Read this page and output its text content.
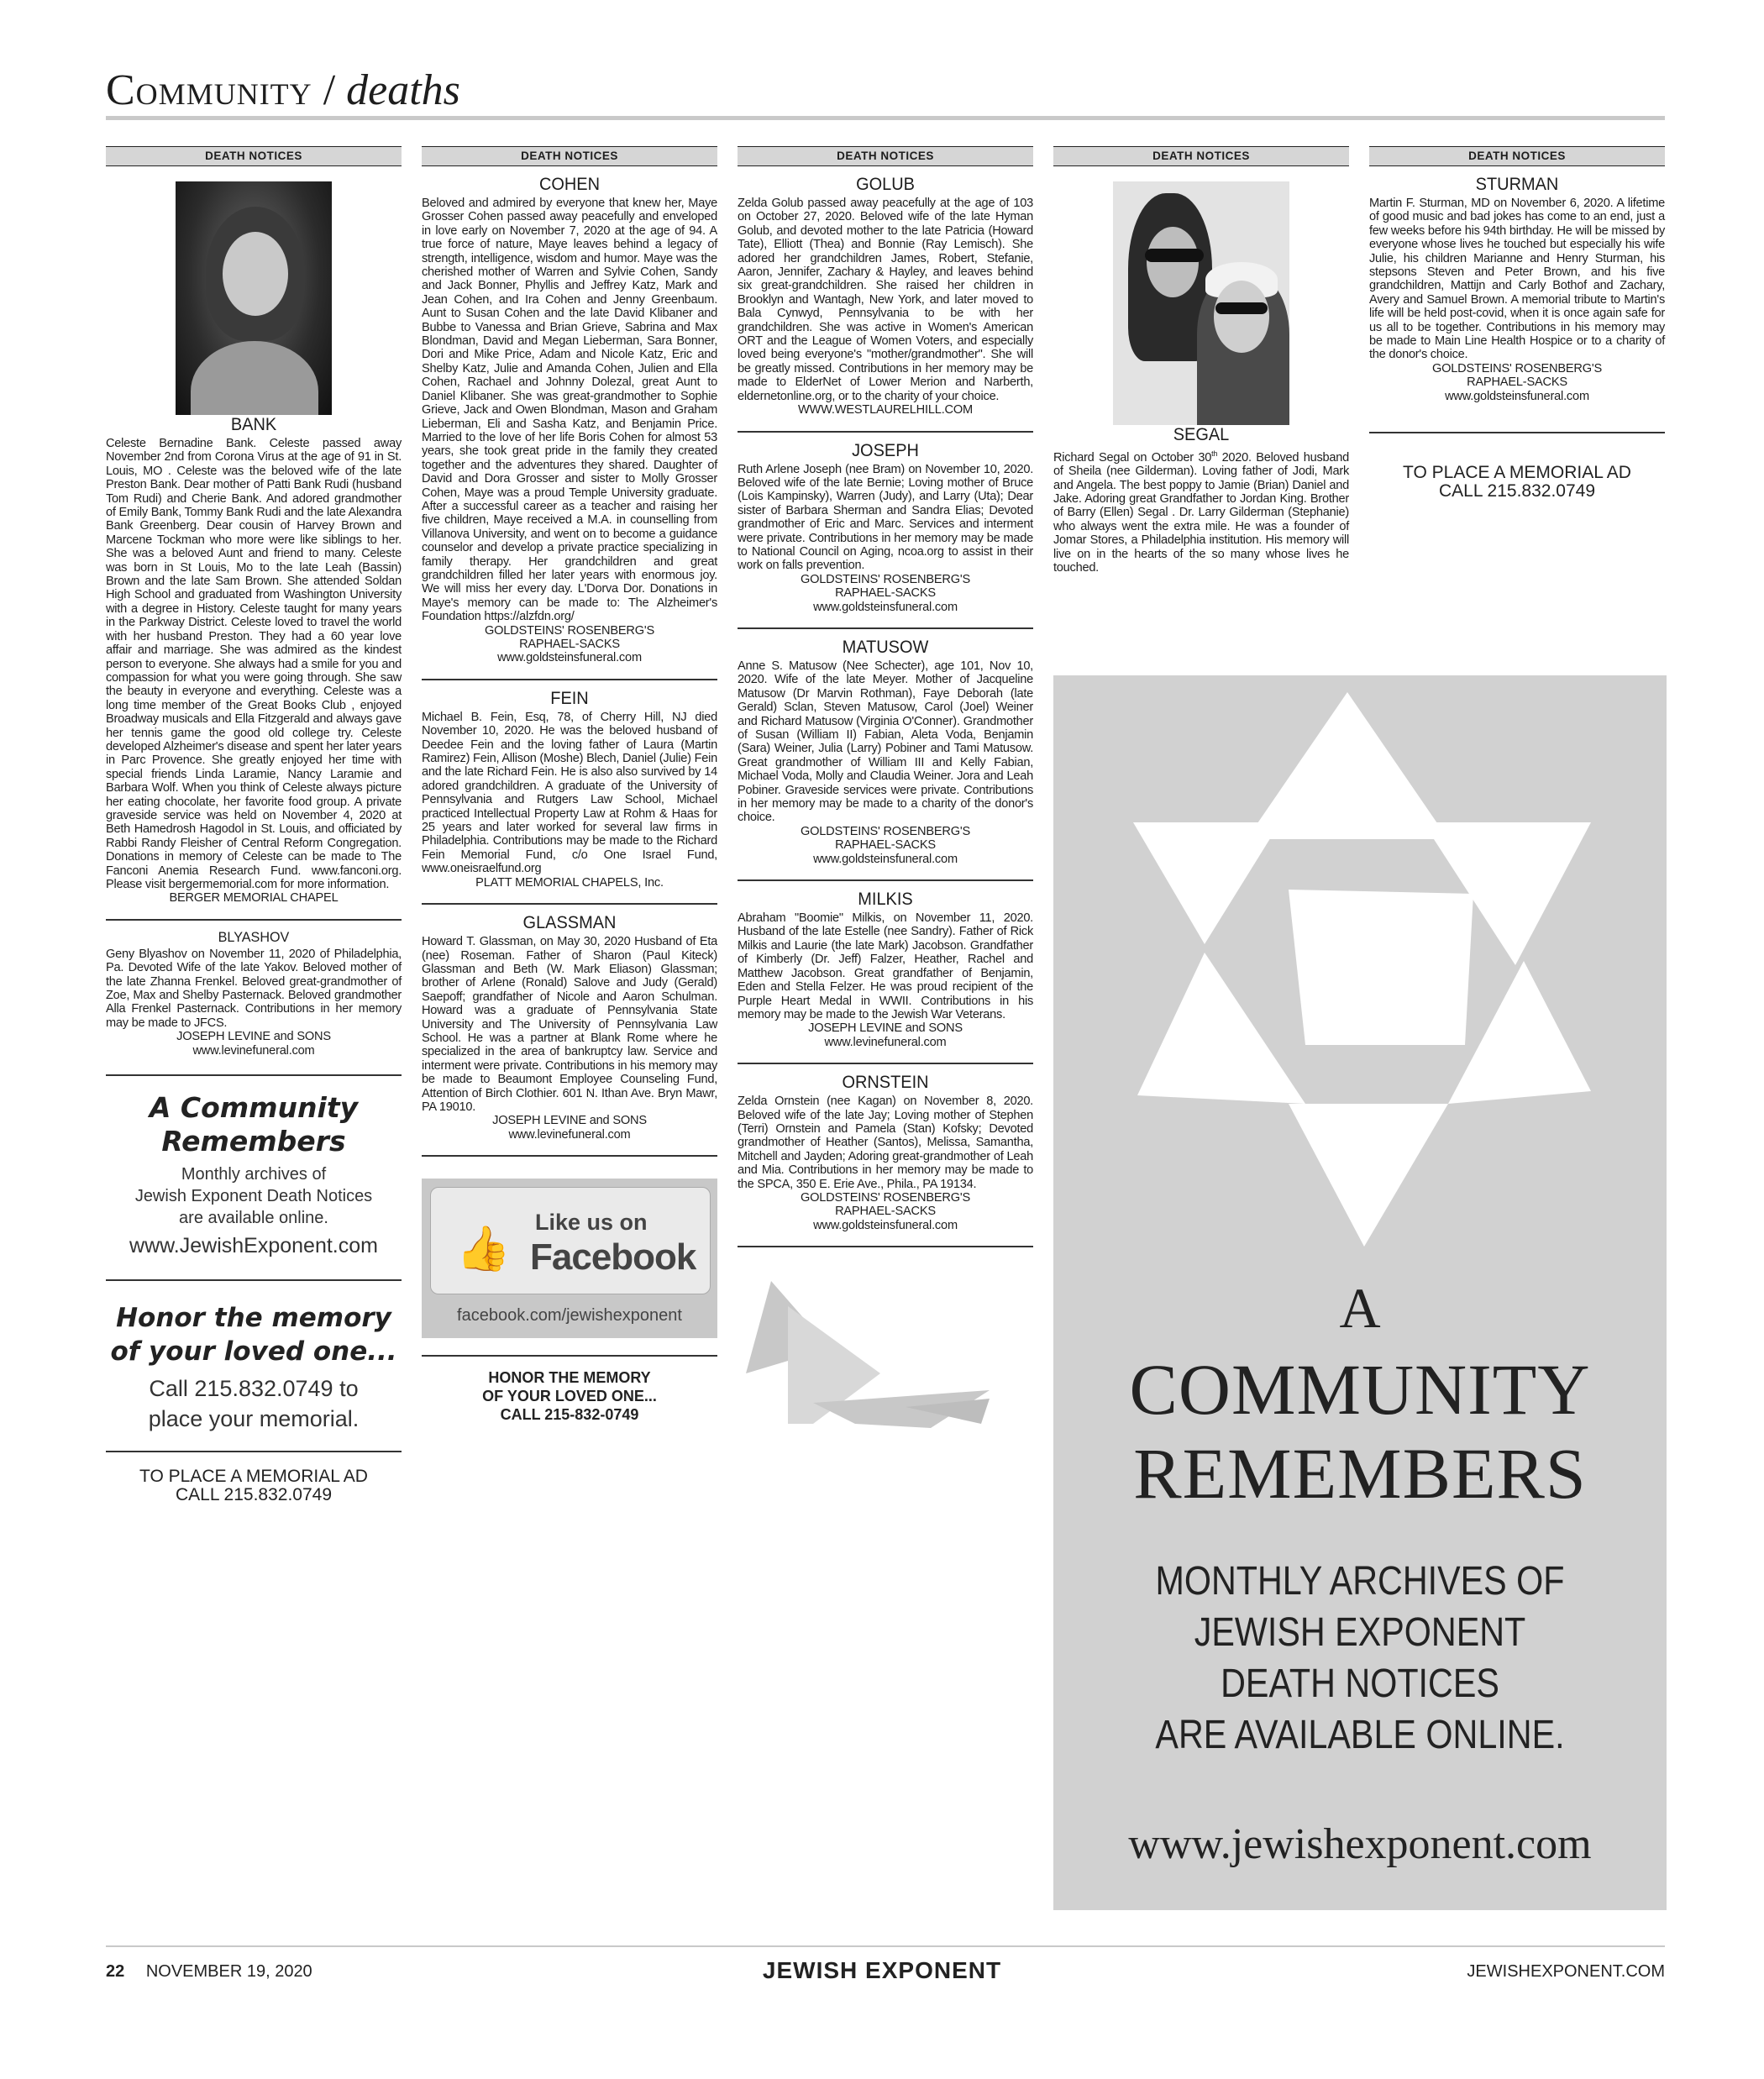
Community / deaths
DEATH NOTICES
BANK

Celeste Bernadine Bank. Celeste passed away November 2nd from Corona Virus at the age of 91 in St. Louis, MO . Celeste was the beloved wife of the late Preston Bank. Dear mother of Patti Bank Rudi (husband Tom Rudi) and Cherie Bank. And adored grandmother of Emily Bank, Tommy Bank Rudi and the late Alexandra Bank Greenberg. Dear cousin of Harvey Brown and Marcene Tockman who more were like siblings to her. She was a beloved Aunt and friend to many. Celeste was born in St Louis, Mo to the late Leah (Bassin) Brown and the late Sam Brown. She attended Soldan High School and graduated from Washington University with a degree in History. Celeste taught for many years in the Parkway District. Celeste loved to travel the world with her husband Preston. They had a 60 year love affair and marriage. She was admired as the kindest person to everyone. She always had a smile for you and compassion for what you were going through. She saw the beauty in everyone and everything. Celeste was a long time member of the Great Books Club , enjoyed Broadway musicals and Ella Fitzgerald and always gave her tennis game the good old college try. Celeste developed Alzheimer's disease and spent her later years in Parc Provence. She greatly enjoyed her time with special friends Linda Laramie, Nancy Laramie and Barbara Wolf. When you think of Celeste always picture her eating chocolate, her favorite food group. A private graveside service was held on November 4, 2020 at Beth Hamedrosh Hagodol in St. Louis, and officiated by Rabbi Randy Fleisher of Central Reform Congregation. Donations in memory of Celeste can be made to The Fanconi Anemia Research Fund. www.fanconi.org. Please visit bergermemorial.com for more information.

BERGER MEMORIAL CHAPEL
BLYASHOV

Geny Blyashov on November 11, 2020 of Philadelphia, Pa. Devoted Wife of the late Yakov. Beloved mother of the late Zhanna Frenkel. Beloved great-grandmother of Zoe, Max and Shelby Pasternack. Beloved grandmother Alla Frenkel Pasternack. Contributions in her memory may be made to JFCS.

JOSEPH LEVINE and SONS
www.levinefuneral.com
A Community
Remembers
Monthly archives of
Jewish Exponent Death Notices
are available online.
www.JewishExponent.com
Honor the memory
of your loved one...
Call 215.832.0749 to
place your memorial.
TO PLACE A MEMORIAL AD
CALL 215.832.0749
DEATH NOTICES
COHEN

Beloved and admired by everyone that knew her, Maye Grosser Cohen passed away peacefully and enveloped in love early on November 7, 2020 at the age of 94. A true force of nature, Maye leaves behind a legacy of strength, intelligence, wisdom and humor. Maye was the cherished mother of Warren and Sylvie Cohen, Sandy and Jack Bonner, Phyllis and Jeffrey Katz, Mark and Jean Cohen, and Ira Cohen and Jenny Greenbaum. Aunt to Susan Cohen and the late David Klibaner and Bubbe to Vanessa and Brian Grieve, Sabrina and Max Blondman, David and Megan Lieberman, Sara Bonner, Dori and Mike Price, Adam and Nicole Katz, Eric and Shelby Katz, Julie and Amanda Cohen, Julien and Ella Cohen, Rachael and Johnny Dolezal, great Aunt to Daniel Klibaner. She was great-grandmother to Sophie Grieve, Jack and Owen Blondman, Mason and Graham Lieberman, Eli and Sasha Katz, and Benjamin Price. Married to the love of her life Boris Cohen for almost 53 years, she took great pride in the family they created together and the adventures they shared. Daughter of David and Dora Grosser and sister to Molly Grosser Cohen, Maye was a proud Temple University graduate. After a successful career as a teacher and raising her five children, Maye received a M.A. in counselling from Villanova University, and went on to become a guidance counselor and develop a private practice specializing in family therapy. Her grandchildren and great grandchildren filled her later years with enormous joy. We will miss her every day. L'Dorva Dor. Donations in Maye's memory can be made to: The Alzheimer's Foundation https://alzfdn.org/

GOLDSTEINS' ROSENBERG'S
RAPHAEL-SACKS
www.goldsteinsfuneral.com
FEIN

Michael B. Fein, Esq, 78, of Cherry Hill, NJ died November 10, 2020. He was the beloved husband of Deedee Fein and the loving father of Laura (Martin Ramirez) Fein, Allison (Moshe) Blech, Daniel (Julie) Fein and the late Richard Fein. He is also also survived by 14 adored grandchildren. A graduate of the University of Pennsylvania and Rutgers Law School, Michael practiced Intellectual Property Law at Rohm & Haas for 25 years and later worked for several law firms in Philadelphia. Contributions may be made to the Richard Fein Memorial Fund, c/o One Israel Fund, www.oneisraelfund.org

PLATT MEMORIAL CHAPELS, Inc.
GLASSMAN

Howard T. Glassman, on May 30, 2020 Husband of Eta (nee) Roseman. Father of Sharon (Paul Kiteck) Glassman and Beth (W. Mark Eliason) Glassman; brother of Arlene (Ronald) Salove and Judy (Gerald) Saepoff; grandfather of Nicole and Aaron Schulman. Howard was a graduate of Pennsylvania State University and The University of Pennsylvania Law School. He was a partner at Blank Rome where he specialized in the area of bankruptcy law. Service and interment were private. Contributions in his memory may be made to Beaumont Employee Counseling Fund, Attention of Birch Clothier. 601 N. Ithan Ave. Bryn Mawr, PA 19010.

JOSEPH LEVINE and SONS
www.levinefuneral.com
👍
Like us on
Facebook
facebook.com/jewishexponent
HONOR THE MEMORY
OF YOUR LOVED ONE...
CALL 215-832-0749
DEATH NOTICES
GOLUB

Zelda Golub passed away peacefully at the age of 103 on October 27, 2020. Beloved wife of the late Hyman Golub, and devoted mother to the late Patricia (Howard Tate), Elliott (Thea) and Bonnie (Ray Lemisch). She adored her grandchildren James, Robert, Stefanie, Aaron, Jennifer, Zachary & Hayley, and leaves behind six great-grandchildren. She raised her children in Brooklyn and Wantagh, New York, and later moved to Bala Cynwyd, Pennsylvania to be with her grandchildren. She was active in Women's American ORT and the League of Women Voters, and especially loved being everyone's "mother/grandmother". She will be greatly missed. Contributions in her memory may be made to ElderNet of Lower Merion and Narberth, eldernetonline.org, or to the charity of your choice.

WWW.WESTLAURELHILL.COM
JOSEPH

Ruth Arlene Joseph (nee Bram) on November 10, 2020. Beloved wife of the late Bernie; Loving mother of Bruce (Lois Kampinsky), Warren (Judy), and Larry (Uta); Dear sister of Barbara Sherman and Sandra Elias; Devoted grandmother of Eric and Marc. Services and interment were private. Contributions in her memory may be made to National Council on Aging, ncoa.org to assist in their work on falls prevention.

GOLDSTEINS' ROSENBERG'S
RAPHAEL-SACKS
www.goldsteinsfuneral.com
MATUSOW

Anne S. Matusow (Nee Schecter), age 101, Nov 10, 2020. Wife of the late Meyer. Mother of Jacqueline Matusow (Dr Marvin Rothman), Faye Deborah (late Gerald) Sclan, Steven Matusow, Carol (Joel) Weiner and Richard Matusow (Virginia O'Conner). Grandmother of Susan (William II) Fabian, Aleta Voda, Benjamin (Sara) Weiner, Julia (Larry) Pobiner and Tami Matusow. Great grandmother of William III and Kelly Fabian, Michael Voda, Molly and Claudia Weiner. Jora and Leah Pobiner. Graveside services were private. Contributions in her memory may be made to a charity of the donor's choice.

GOLDSTEINS' ROSENBERG'S
RAPHAEL-SACKS
www.goldsteinsfuneral.com
MILKIS

Abraham "Boomie" Milkis, on November 11, 2020. Husband of the late Estelle (nee Sandry). Father of Rick Milkis and Laurie (the late Mark) Jacobson. Grandfather of Kimberly (Dr. Jeff) Falzer, Heather, Rachel and Matthew Jacobson. Great grandfather of Benjamin, Eden and Stella Felzer. He was proud recipient of the Purple Heart Medal in WWII. Contributions in his memory may be made to the Jewish War Veterans.

JOSEPH LEVINE and SONS
www.levinefuneral.com
ORNSTEIN

Zelda Ornstein (nee Kagan) on November 8, 2020. Beloved wife of the late Jay; Loving mother of Stephen (Terri) Ornstein and Pamela (Stan) Kofsky; Devoted grandmother of Heather (Santos), Melissa, Samantha, Mitchell and Jayden; Adoring great-grandmother of Leah and Mia. Contributions in her memory may be made to the SPCA, 350 E. Erie Ave., Phila., PA 19134.

GOLDSTEINS' ROSENBERG'S
RAPHAEL-SACKS
www.goldsteinsfuneral.com
DEATH NOTICES
SEGAL

Richard Segal on October 30th 2020. Beloved husband of Sheila (nee Gilderman). Loving father of Jodi, Mark and Angela. The best poppy to Jamie (Brian) Daniel and Jake. Adoring great Grandfather to Jordan King. Brother of Barry (Ellen) Segal . Dr. Larry Gilderman (Stephanie) who always went the extra mile. He was a founder of Jomar Stores, a Philadelphia institution. His memory will live on in the hearts of the so many whose lives he touched.

DEATH NOTICES
STURMAN

Martin F. Sturman, MD on November 6, 2020. A lifetime of good music and bad jokes has come to an end, just a few weeks before his 94th birthday. He will be missed by everyone whose lives he touched but especially his wife Julie, his children Marianne and Henry Sturman, his stepsons Steven and Peter Brown, and his five grandchildren, Mattijn and Carly Bothof and Zachary, Avery and Samuel Brown. A memorial tribute to Martin's life will be held post-covid, when it is once again safe for us all to be together. Contributions in his memory may be made to Main Line Health Hospice or to a charity of the donor's choice.

GOLDSTEINS' ROSENBERG'S
RAPHAEL-SACKS
www.goldsteinsfuneral.com
TO PLACE A MEMORIAL AD
CALL 215.832.0749
A
COMMUNITY
REMEMBERS
MONTHLY ARCHIVES OF
JEWISH EXPONENT
DEATH NOTICES
ARE AVAILABLE ONLINE.
www.jewishexponent.com
22 NOVEMBER 19, 2020	JEWISH EXPONENT	JEWISHEXPONENT.COM
